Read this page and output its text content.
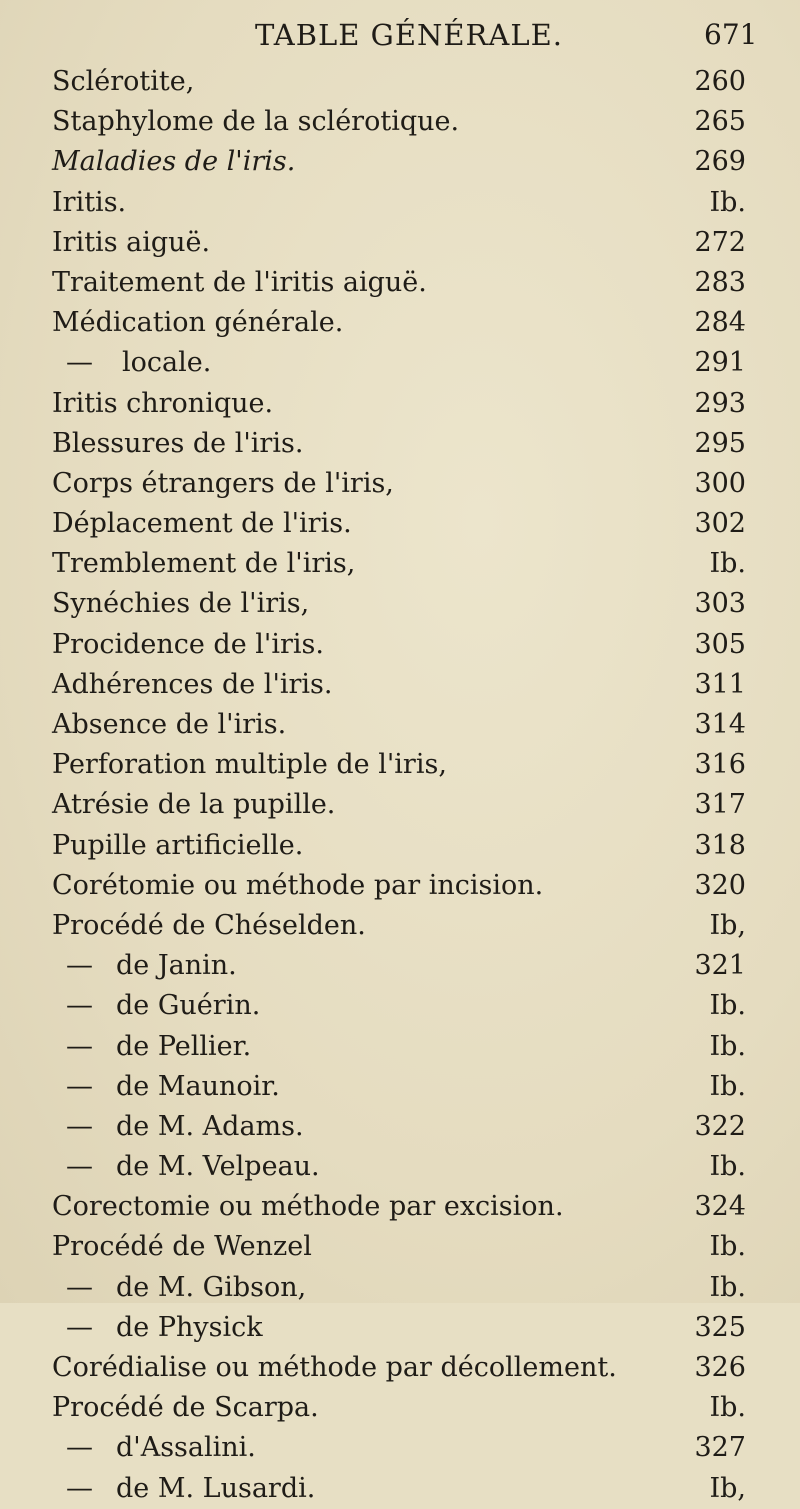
TABLE GÉNÉRALE.	671
Sclérotite,	260
Staphylome de la sclérotique.	265
Maladies de l'iris.	269
Iritis.	Ib.
Iritis aiguë.	272
Traitement de l'iritis aiguë.	283
Médication générale.	284
— locale.	291
Iritis chronique.	293
Blessures de l'iris.	295
Corps étrangers de l'iris,	300
Déplacement de l'iris.	302
Tremblement de l'iris,	Ib.
Synéchies de l'iris,	303
Procidence de l'iris.	305
Adhérences de l'iris.	311
Absence de l'iris.	314
Perforation multiple de l'iris,	316
Atrésie de la pupille.	317
Pupille artificielle.	318
Corétomie ou méthode par incision.	320
Procédé de Chéselden.	Ib,
— de Janin.	321
— de Guérin.	Ib.
— de Pellier.	Ib.
— de Maunoir.	Ib.
— de M. Adams.	322
— de M. Velpeau.	Ib.
Corectomie ou méthode par excision.	324
Procédé de Wenzel	Ib.
— de M. Gibson,	Ib.
— de Physick	325
Corédialise ou méthode par décollement.	326
Procédé de Scarpa.	Ib.
— d'Assalini.	327
— de M. Lusardi.	Ib,
